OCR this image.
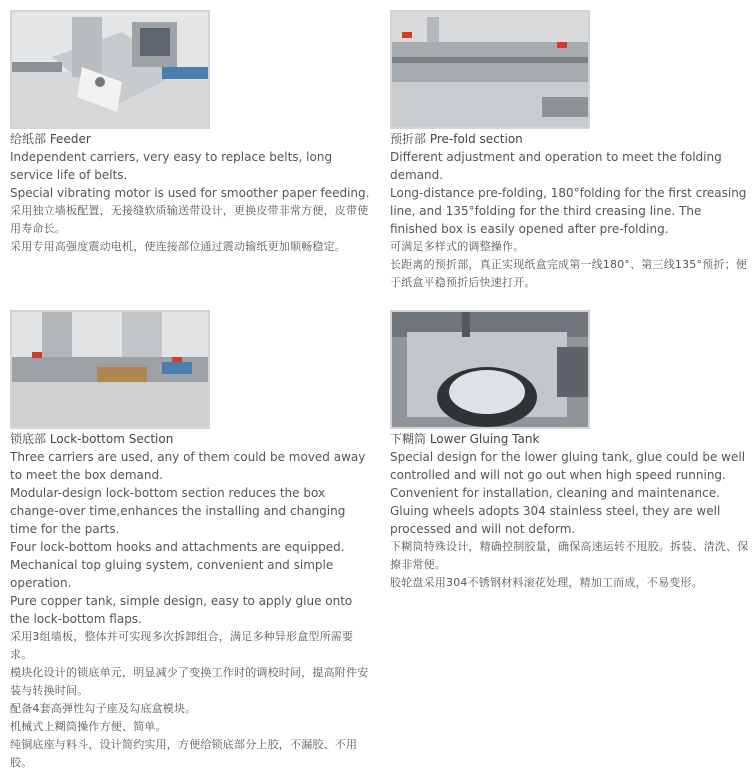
给纸部 Feeder

Independent carriers, very easy to replace belts, long service life of belts.

Special vibrating motor is used for smoother paper feeding.

采用独立墙板配置，无接缝软质输送带设计，更换皮带非常方便，皮带使用寿命长。

采用专用高强度震动电机，使连接部位通过震动输纸更加顺畅稳定。

预折部 Pre-fold section

Different adjustment and operation to meet the folding demand.

Long-distance pre-folding, 180°folding for the first creasing line, and 135°folding for the third creasing line. The finished box is easily opened after pre-folding.

可满足多样式的调整操作。

长距离的预折部，真正实现纸盒完成第一线180°、第三线135°预折；便于纸盒平稳预折后快速打开。

锁底部 Lock-bottom Section

Three carriers are used, any of them could be moved away to meet the box demand.

Modular-design lock-bottom section reduces the box change-over time,enhances the installing and changing time for the parts.

Four lock-bottom hooks and attachments are equipped.

Mechanical top gluing system, convenient and simple operation.

Pure copper tank, simple design, easy to apply glue onto the lock-bottom flaps.

采用3组墙板，整体并可实现多次拆卸组合，满足多种异形盒型所需要求。

模块化设计的锁底单元，明显减少了变换工作时的调校时间，提高附件安装与转换时间。

配备4套高弹性勾子座及勾底盒模块。

机械式上糊筒操作方便、简单。

纯铜底座与料斗，设计简约实用，方便给锁底部分上胶，不漏胶、不用胶。

下糊筒 Lower Gluing Tank

Special design for the lower gluing tank, glue could be well controlled and will not go out when high speed running.

Convenient for installation, cleaning and maintenance.

Gluing wheels adopts 304 stainless steel, they are well processed and will not deform.

下糊筒特殊设计，精确控制胶量，确保高速运转不甩胶。拆装、清洗、保撩非常便。

胶轮盘采用304不锈钢材料滚花处理，精加工而成，不易变形。
